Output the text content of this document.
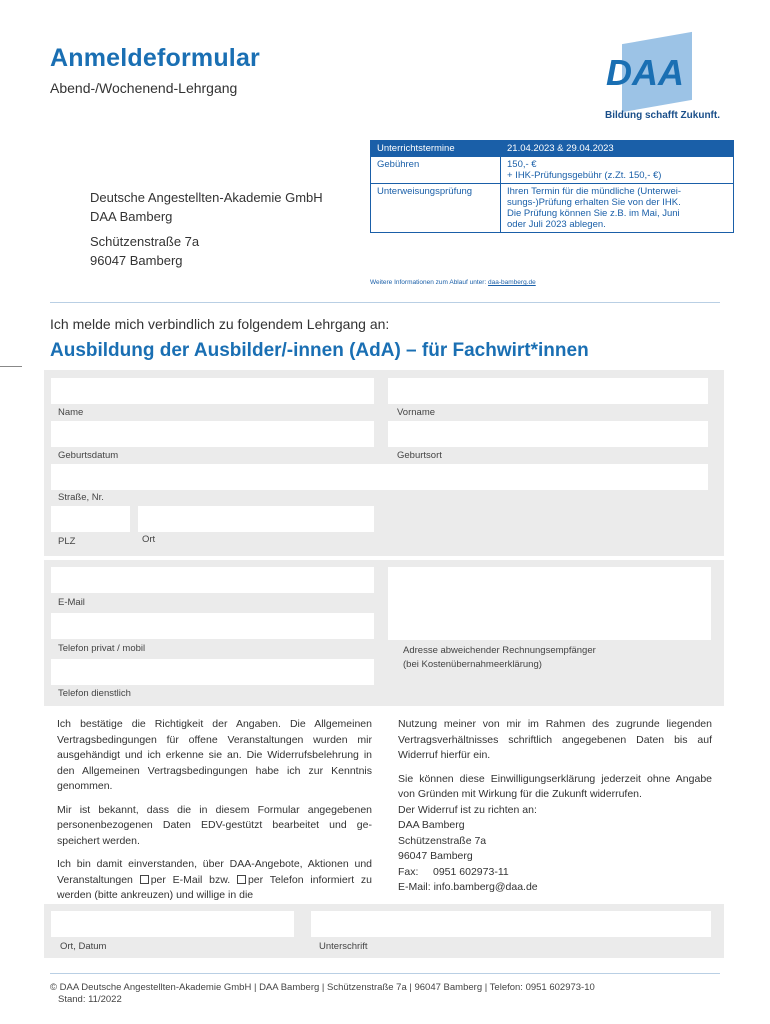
Anmeldeformular
Abend-/Wochenend-Lehrgang	DAA
Bildung schafft Zukunft.
Deutsche Angestellten-Akademie GmbH
DAA Bamberg
Schützenstraße 7a
96047 Bamberg
Unterrichtstermine	21.04.2023 & 29.04.2023
Gebühren	150,- €
+ IHK-Prüfungsgebühr (z.Zt. 150,- €)
Unterweisungsprüfung	Ihren Termin für die mündliche (Unterwei-
sungs-)Prüfung erhalten Sie von der IHK.
Die Prüfung können Sie z.B. im Mai, Juni
oder Juli 2023 ablegen.
Weitere Informationen zum Ablauf unter: daa-bamberg.de
Ich melde mich verbindlich zu folgendem Lehrgang an:
Ausbildung der Ausbilder/-innen (AdA) – für Fachwirt*innen
Name	Vorname
Geburtsdatum	Geburtsort
Straße, Nr.
PLZ	Ort
E-Mail
Telefon privat / mobil
Telefon dienstlich
Adresse abweichender Rechnungsempfänger
(bei Kostenübernahmeerklärung)

Ich bestätige die Richtigkeit der Angaben. Die Allgemeinen Vertragsbedingungen für offene Veranstaltungen wurden mir ausgehändigt und ich erkenne sie an. Die Widerrufsbelehrung in den Allgemeinen Vertragsbedingungen habe ich zur Kenntnis genommen.

Mir ist bekannt, dass die in diesem Formular angegebenen personenbezogenen Daten EDV-gestützt bearbeitet und gespeichert werden.

Ich bin damit einverstanden, über DAA-Angebote, Aktionen und Veranstaltungen per E-Mail bzw. per Telefon informiert zu werden (bitte ankreuzen) und willige in die

Nutzung meiner von mir im Rahmen des zugrunde liegenden Vertragsverhältnisses schriftlich angegebenen Daten bis auf Widerruf hierfür ein.

Sie können diese Einwilligungserklärung jederzeit ohne Angabe von Gründen mit Wirkung für die Zukunft widerrufen.

Der Widerruf ist zu richten an:
DAA Bamberg
Schützenstraße 7a
96047 Bamberg
Fax:     0951 602973-11
E-Mail: info.bamberg@daa.de
Ort, Datum	Unterschrift
© DAA Deutsche Angestellten-Akademie GmbH | DAA Bamberg | Schützenstraße 7a | 96047 Bamberg | Telefon: 0951 602973-10
Stand: 11/2022
